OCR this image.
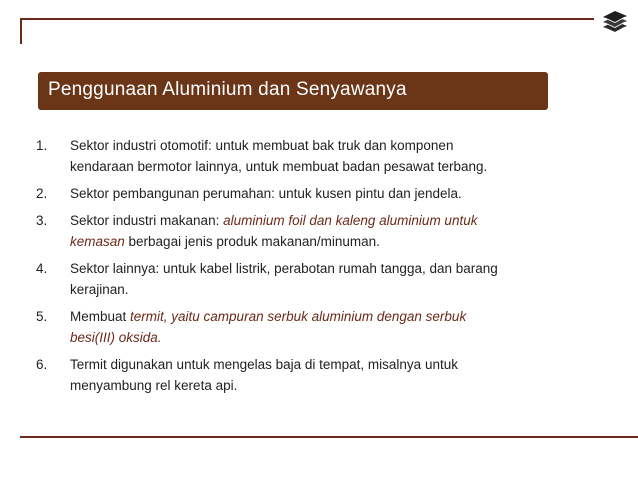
Penggunaan Aluminium dan Senyawanya
1. Sektor industri otomotif: untuk membuat bak truk dan komponen
kendaraan bermotor lainnya, untuk membuat badan pesawat terbang.
2. Sektor pembangunan perumahan: untuk kusen pintu dan jendela.
3. Sektor industri makanan: aluminium foil dan kaleng aluminium untuk
kemasan berbagai jenis produk makanan/minuman.
4. Sektor lainnya: untuk kabel listrik, perabotan rumah tangga, dan barang
kerajinan.
5. Membuat termit, yaitu campuran serbuk aluminium dengan serbuk
besi(III) oksida.
6. Termit digunakan untuk mengelas baja di tempat, misalnya untuk
menyambung rel kereta api.
